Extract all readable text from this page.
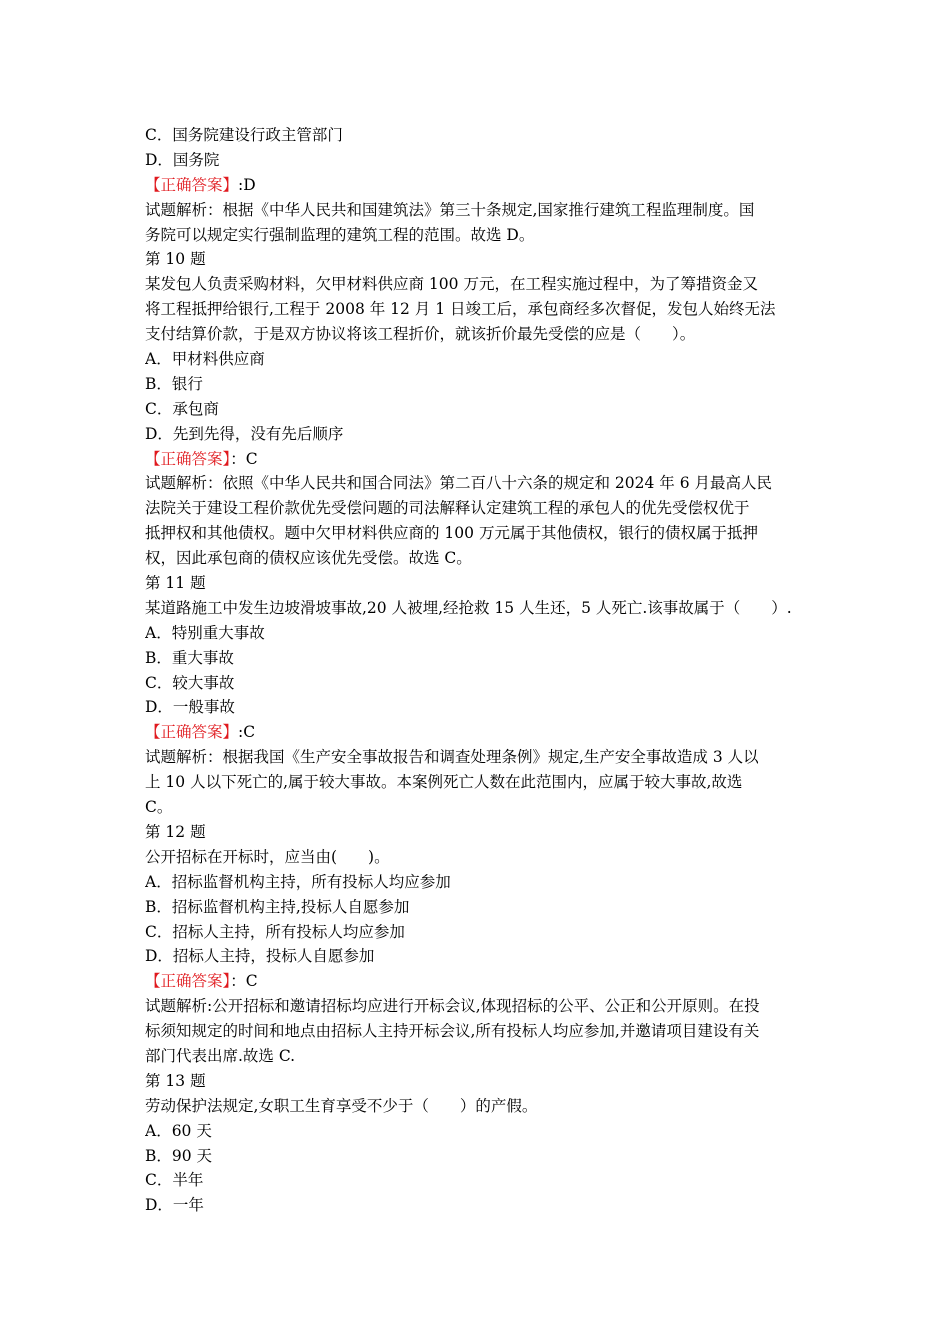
C．国务院建设行政主管部门
D．国务院
【正确答案】:D
试题解析：根据《中华人民共和国建筑法》第三十条规定,国家推行建筑工程监理制度。国
务院可以规定实行强制监理的建筑工程的范围。故选 D。
第 10 题
某发包人负责采购材料，欠甲材料供应商 100 万元，在工程实施过程中，为了筹措资金又
将工程抵押给银行,工程于 2008 年 12 月 1 日竣工后，承包商经多次督促，发包人始终无法
支付结算价款，于是双方协议将该工程折价，就该折价最先受偿的应是（　　）。
A．甲材料供应商
B．银行
C．承包商
D．先到先得，没有先后顺序
【正确答案】：C
试题解析：依照《中华人民共和国合同法》第二百八十六条的规定和 2024 年 6 月最高人民
法院关于建设工程价款优先受偿问题的司法解释认定建筑工程的承包人的优先受偿权优于
抵押权和其他债权。题中欠甲材料供应商的 100 万元属于其他债权，银行的债权属于抵押
权，因此承包商的债权应该优先受偿。故选 C。
第 11 题
某道路施工中发生边坡滑坡事故,20 人被埋,经抢救 15 人生还，5 人死亡.该事故属于（　　）.
A．特别重大事故
B．重大事故
C．较大事故
D．一般事故
【正确答案】:C
试题解析：根据我国《生产安全事故报告和调查处理条例》规定,生产安全事故造成 3 人以
上 10 人以下死亡的,属于较大事故。本案例死亡人数在此范围内，应属于较大事故,故选
C。
第 12 题
公开招标在开标时，应当由(　　)。
A．招标监督机构主持，所有投标人均应参加
B．招标监督机构主持,投标人自愿参加
C．招标人主持，所有投标人均应参加
D．招标人主持，投标人自愿参加
【正确答案】：C
试题解析:公开招标和邀请招标均应进行开标会议,体现招标的公平、公正和公开原则。在投
标须知规定的时间和地点由招标人主持开标会议,所有投标人均应参加,并邀请项目建设有关
部门代表出席.故选 C.
第 13 题
劳动保护法规定,女职工生育享受不少于（　　）的产假。
A．60 天
B．90 天
C．半年
D．一年
